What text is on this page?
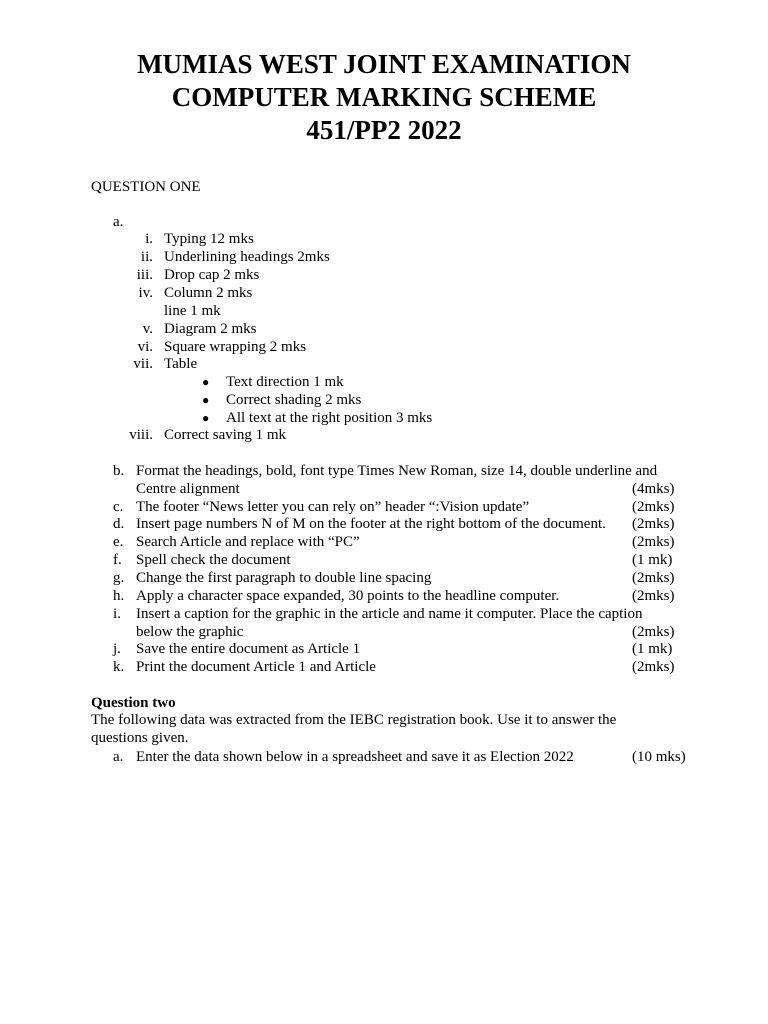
MUMIAS WEST JOINT EXAMINATION
COMPUTER MARKING SCHEME
451/PP2 2022
QUESTION ONE
a.
i. Typing 12 mks
ii. Underlining headings 2mks
iii. Drop cap 2 mks
iv. Column 2 mks
line 1 mk
v. Diagram 2 mks
vi. Square wrapping 2 mks
vii. Table
● Text direction 1 mk
● Correct shading 2 mks
● All text at the right position 3 mks
viii. Correct saving 1 mk
b. Format the headings, bold, font type Times New Roman, size 14, double underline and
Centre alignment	(4mks)
c. The footer “News letter you can rely on” header “:Vision update”	(2mks)
d. Insert page numbers N of M on the footer at the right bottom of the document. (2mks)
e. Search Article and replace with “PC”	(2mks)
f. Spell check the document	(1 mk)
g. Change the first paragraph to double line spacing	(2mks)
h. Apply a character space expanded, 30 points to the headline computer.	(2mks)
i. Insert a caption for the graphic in the article and name it computer. Place the caption
below the graphic	(2mks)
j. Save the entire document as Article 1	(1 mk)
k. Print the document Article 1 and Article	(2mks)
Question two
The following data was extracted from the IEBC registration book. Use it to answer the
questions given.
a. Enter the data shown below in a spreadsheet and save it as Election 2022	(10 mks)
